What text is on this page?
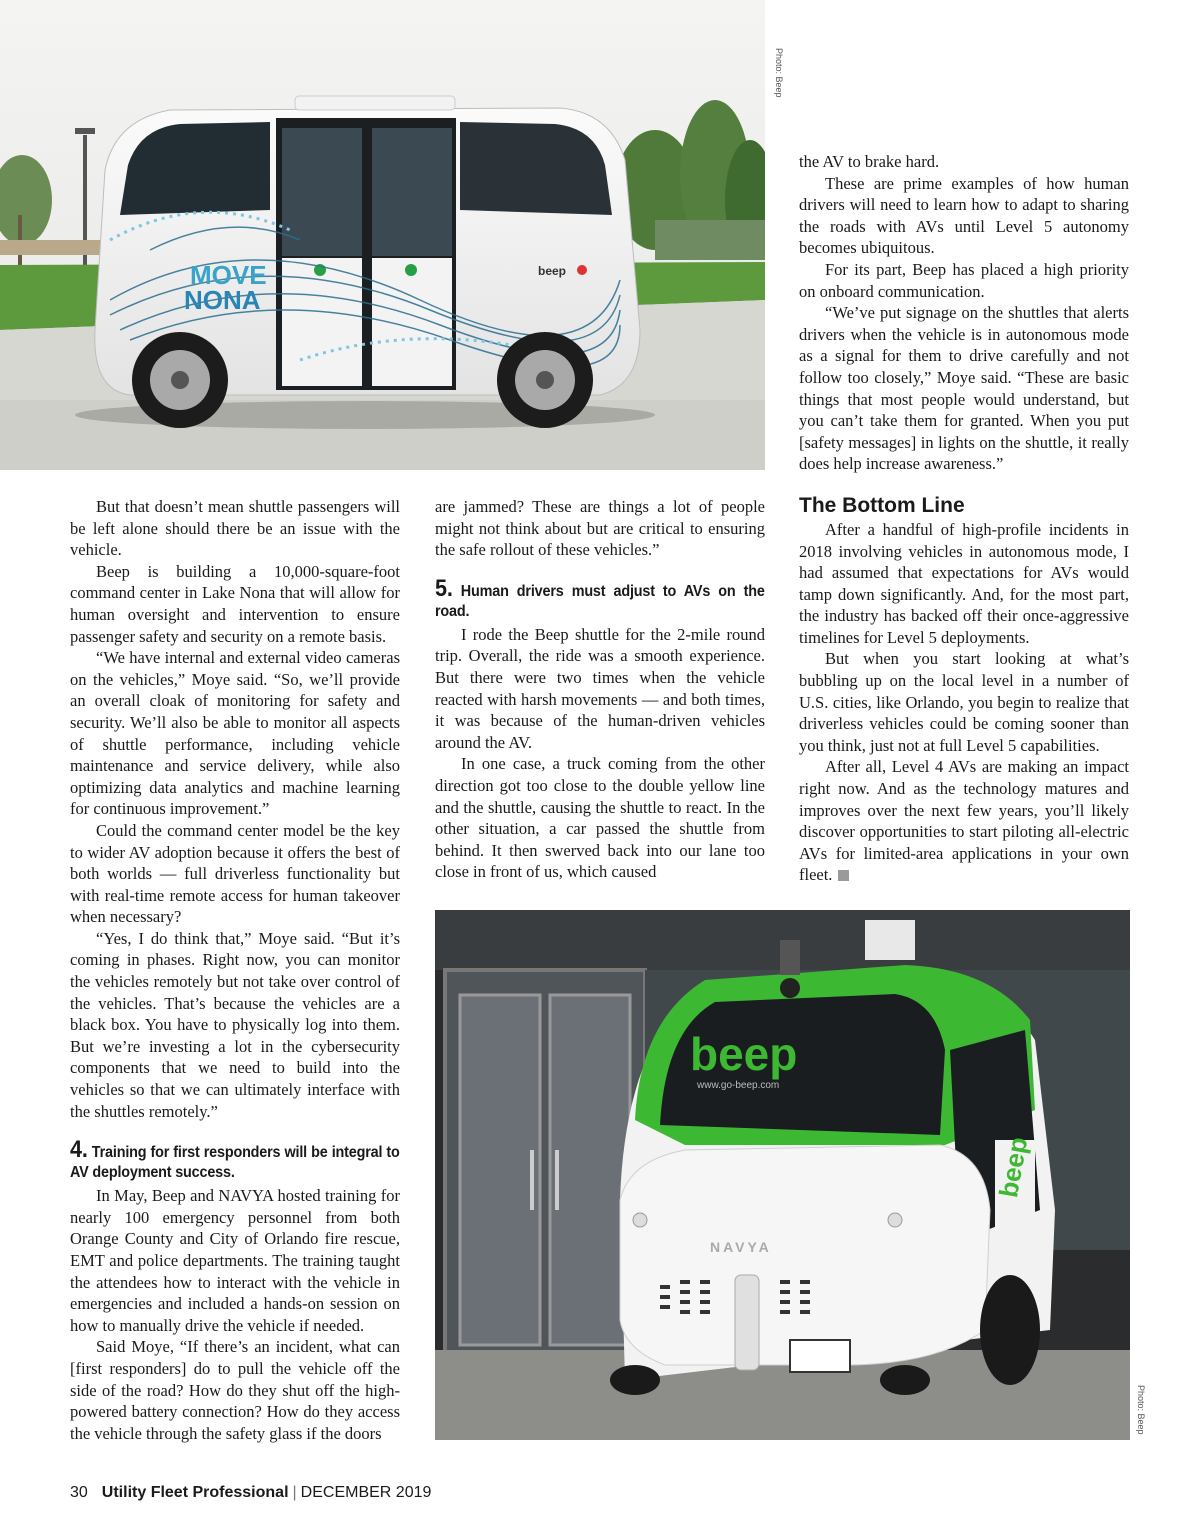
MOVE
NONA
beep
Photo: Beep

But that doesn’t mean shuttle passengers will be left alone should there be an issue with the vehicle.

Beep is building a 10,000-square-foot command center in Lake Nona that will allow for human oversight and intervention to ensure passenger safety and security on a remote basis.

“We have internal and external video cameras on the vehicles,” Moye said. “So, we’ll provide an overall cloak of monitoring for safety and security. We’ll also be able to monitor all aspects of shuttle performance, including vehicle maintenance and service delivery, while also optimizing data analytics and machine learning for continuous improvement.”

Could the command center model be the key to wider AV adoption because it offers the best of both worlds — full driverless functionality but with real-time remote access for human takeover when necessary?

“Yes, I do think that,” Moye said. “But it’s coming in phases. Right now, you can monitor the vehicles remotely but not take over control of the vehicles. That’s because the vehicles are a black box. You have to physically log into them. But we’re investing a lot in the cybersecurity components that we need to build into the vehicles so that we can ultimately interface with the shuttles remotely.”

4. Training for first responders will be integral to AV deployment success.

In May, Beep and NAVYA hosted training for nearly 100 emergency personnel from both Orange County and City of Orlando fire rescue, EMT and police departments. The training taught the attendees how to interact with the vehicle in emergencies and included a hands-on session on how to manually drive the vehicle if needed.

Said Moye, “If there’s an incident, what can [first responders] do to pull the vehicle off the side of the road? How do they shut off the high-powered battery connection? How do they access the vehicle through the safety glass if the doors

are jammed? These are things a lot of people might not think about but are critical to ensuring the safe rollout of these vehicles.”

5. Human drivers must adjust to AVs on the road.

I rode the Beep shuttle for the 2-mile round trip. Overall, the ride was a smooth experience. But there were two times when the vehicle reacted with harsh movements — and both times, it was because of the human-driven vehicles around the AV.

In one case, a truck coming from the other direction got too close to the double yellow line and the shuttle, causing the shuttle to react. In the other situation, a car passed the shuttle from behind. It then swerved back into our lane too close in front of us, which caused

the AV to brake hard.

These are prime examples of how human drivers will need to learn how to adapt to sharing the roads with AVs until Level 5 autonomy becomes ubiquitous.

For its part, Beep has placed a high priority on onboard communication.

“We’ve put signage on the shuttles that alerts drivers when the vehicle is in autonomous mode as a signal for them to drive carefully and not follow too closely,” Moye said. “These are basic things that most people would understand, but you can’t take them for granted. When you put [safety messages] in lights on the shuttle, it really does help increase awareness.”

The Bottom Line

After a handful of high-profile incidents in 2018 involving vehicles in autonomous mode, I had assumed that expectations for AVs would tamp down significantly. And, for the most part, the industry has backed off their once-aggressive timelines for Level 5 deployments.

But when you start looking at what’s bubbling up on the local level in a number of U.S. cities, like Orlando, you begin to realize that driverless vehicles could be coming sooner than you think, just not at full Level 5 capabilities.

After all, Level 4 AVs are making an impact right now. And as the technology matures and improves over the next few years, you’ll likely discover opportunities to start piloting all-electric AVs for limited-area applications in your own fleet.

beep
beep
www.go-beep.com
NAVYA
Photo: Beep
30 Utility Fleet Professional | DECEMBER 2019
